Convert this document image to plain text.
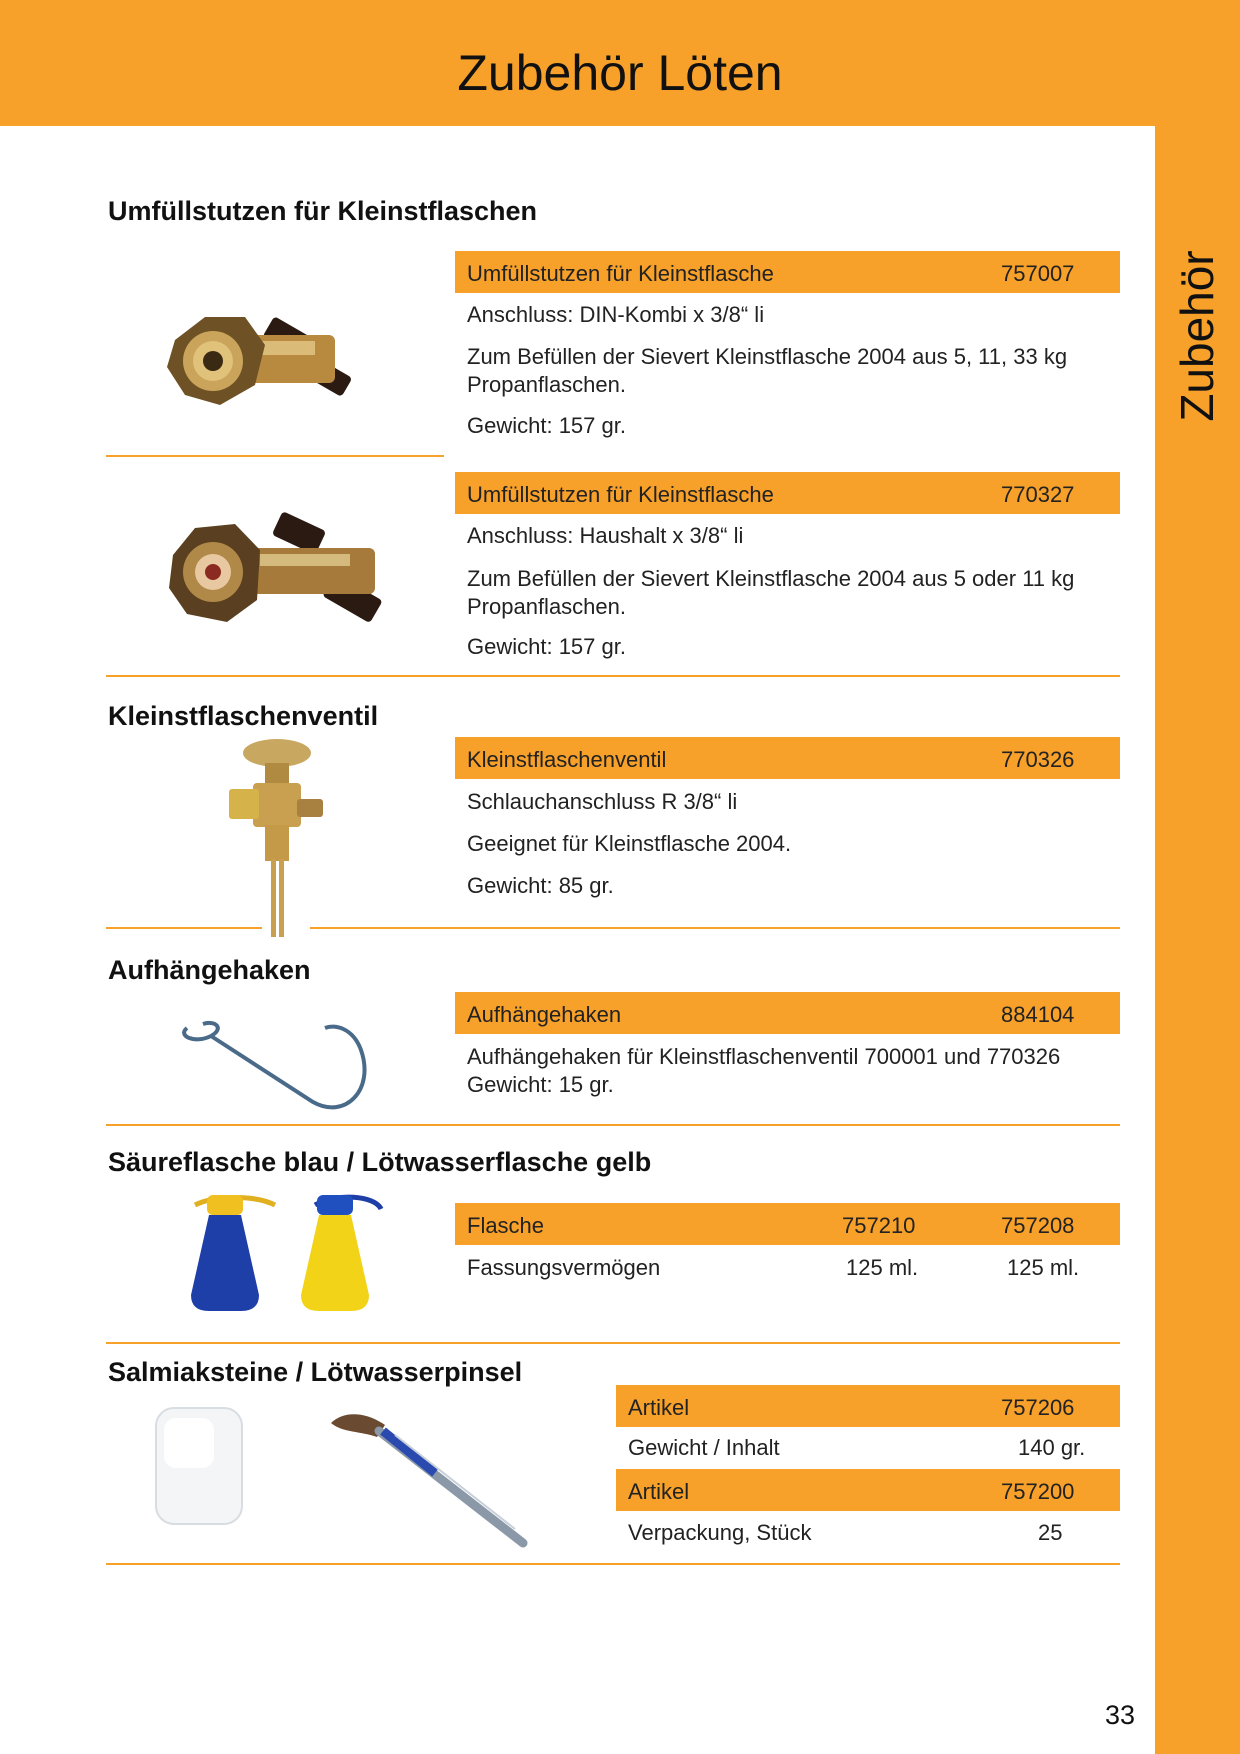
Zubehör Löten
Zubehör
33
Umfüllstutzen für Kleinstflaschen
Umfüllstutzen für Kleinstflasche	757007
Anschluss: DIN-Kombi x 3/8“ li
Zum Befüllen der Sievert Kleinstflasche 2004 aus 5, 11, 33 kg
Propanflaschen.
Gewicht: 157 gr.
Umfüllstutzen für Kleinstflasche	770327
Anschluss: Haushalt x 3/8“ li
Zum Befüllen der Sievert Kleinstflasche 2004 aus 5 oder 11 kg
Propanflaschen.
Gewicht: 157 gr.
Kleinstflaschenventil
Kleinstflaschenventil	770326
Schlauchanschluss R 3/8“ li
Geeignet für Kleinstflasche 2004.
Gewicht: 85 gr.
Aufhängehaken
Aufhängehaken	884104
Aufhängehaken für Kleinstflaschenventil 700001 und 770326
Gewicht: 15 gr.
Säureflasche blau / Lötwasserflasche gelb
Flasche	757210	757208
Fassungsvermögen	125 ml.	125 ml.
Salmiaksteine / Lötwasserpinsel
Artikel	757206
Gewicht / Inhalt	140 gr.
Artikel	757200
Verpackung, Stück	25
